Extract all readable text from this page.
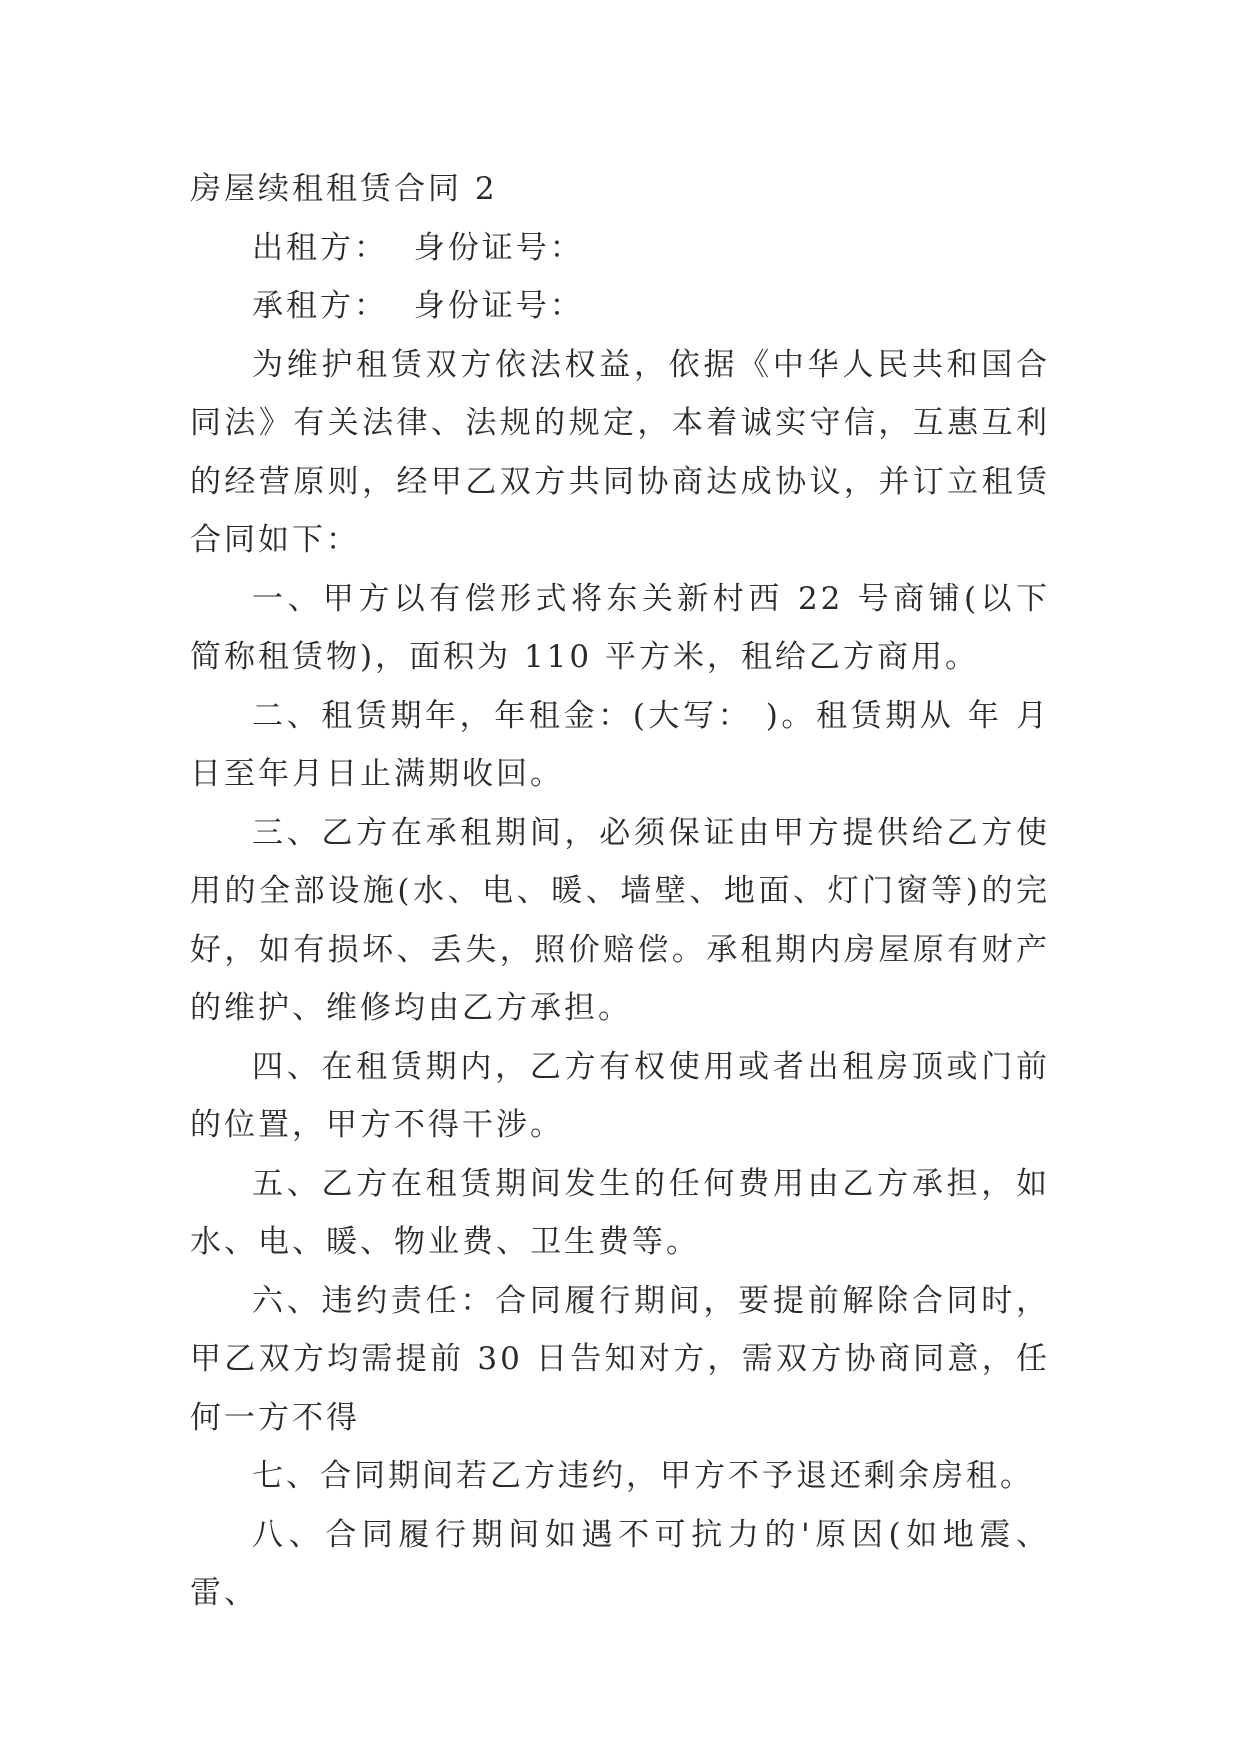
房屋续租租赁合同 2

出租方：  身份证号：

承租方：  身份证号：

为维护租赁双方依法权益，依据《中华人民共和国合同法》有关法律、法规的规定，本着诚实守信，互惠互利的经营原则，经甲乙双方共同协商达成协议，并订立租赁合同如下：

一、甲方以有偿形式将东关新村西 22 号商铺(以下简称租赁物)，面积为 110 平方米，租给乙方商用。

二、租赁期年，年租金：(大写： )。租赁期从 年 月日至年月日止满期收回。

三、乙方在承租期间，必须保证由甲方提供给乙方使用的全部设施(水、电、暖、墙壁、地面、灯门窗等)的完好，如有损坏、丢失，照价赔偿。承租期内房屋原有财产的维护、维修均由乙方承担。

四、在租赁期内，乙方有权使用或者出租房顶或门前的位置，甲方不得干涉。

五、乙方在租赁期间发生的任何费用由乙方承担，如水、电、暖、物业费、卫生费等。

六、违约责任：合同履行期间，要提前解除合同时，甲乙双方均需提前 30 日告知对方，需双方协商同意，任何一方不得

七、合同期间若乙方违约，甲方不予退还剩余房租。

八、合同履行期间如遇不可抗力的'原因(如地震、雷、
